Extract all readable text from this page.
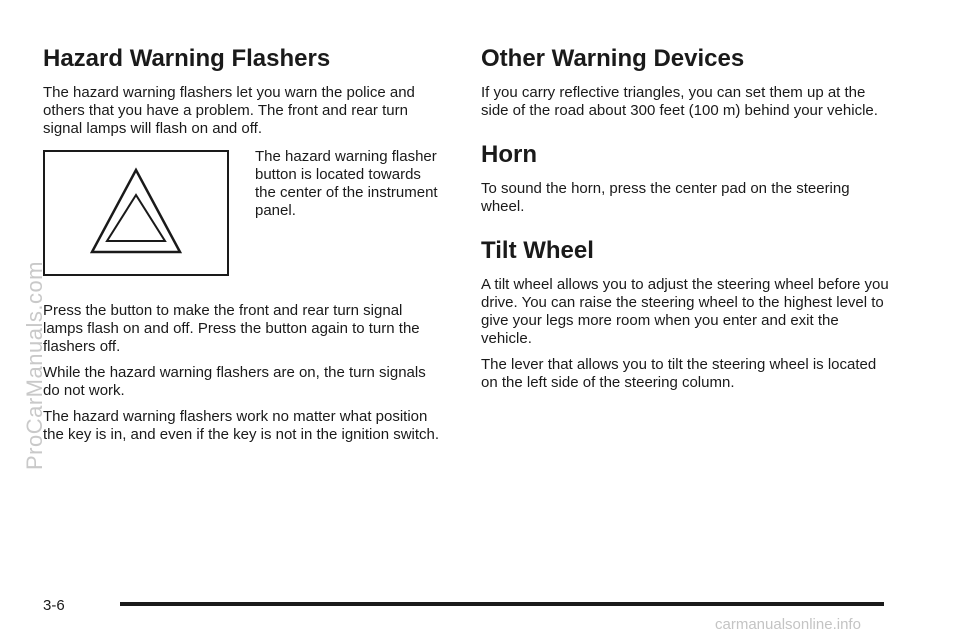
ProCarManuals.com
Hazard Warning Flashers

The hazard warning flashers let you warn the police and others that you have a problem. The front and rear turn signal lamps will flash on and off.

The hazard warning flasher button is located towards the center of the instrument panel.

Press the button to make the front and rear turn signal lamps flash on and off. Press the button again to turn the flashers off.

While the hazard warning flashers are on, the turn signals do not work.

The hazard warning flashers work no matter what position the key is in, and even if the key is not in the ignition switch.

Other Warning Devices

If you carry reflective triangles, you can set them up at the side of the road about 300 feet (100 m) behind your vehicle.

Horn

To sound the horn, press the center pad on the steering wheel.

Tilt Wheel

A tilt wheel allows you to adjust the steering wheel before you drive. You can raise the steering wheel to the highest level to give your legs more room when you enter and exit the vehicle.

The lever that allows you to tilt the steering wheel is located on the left side of the steering column.

3-6
carmanualsonline.info
